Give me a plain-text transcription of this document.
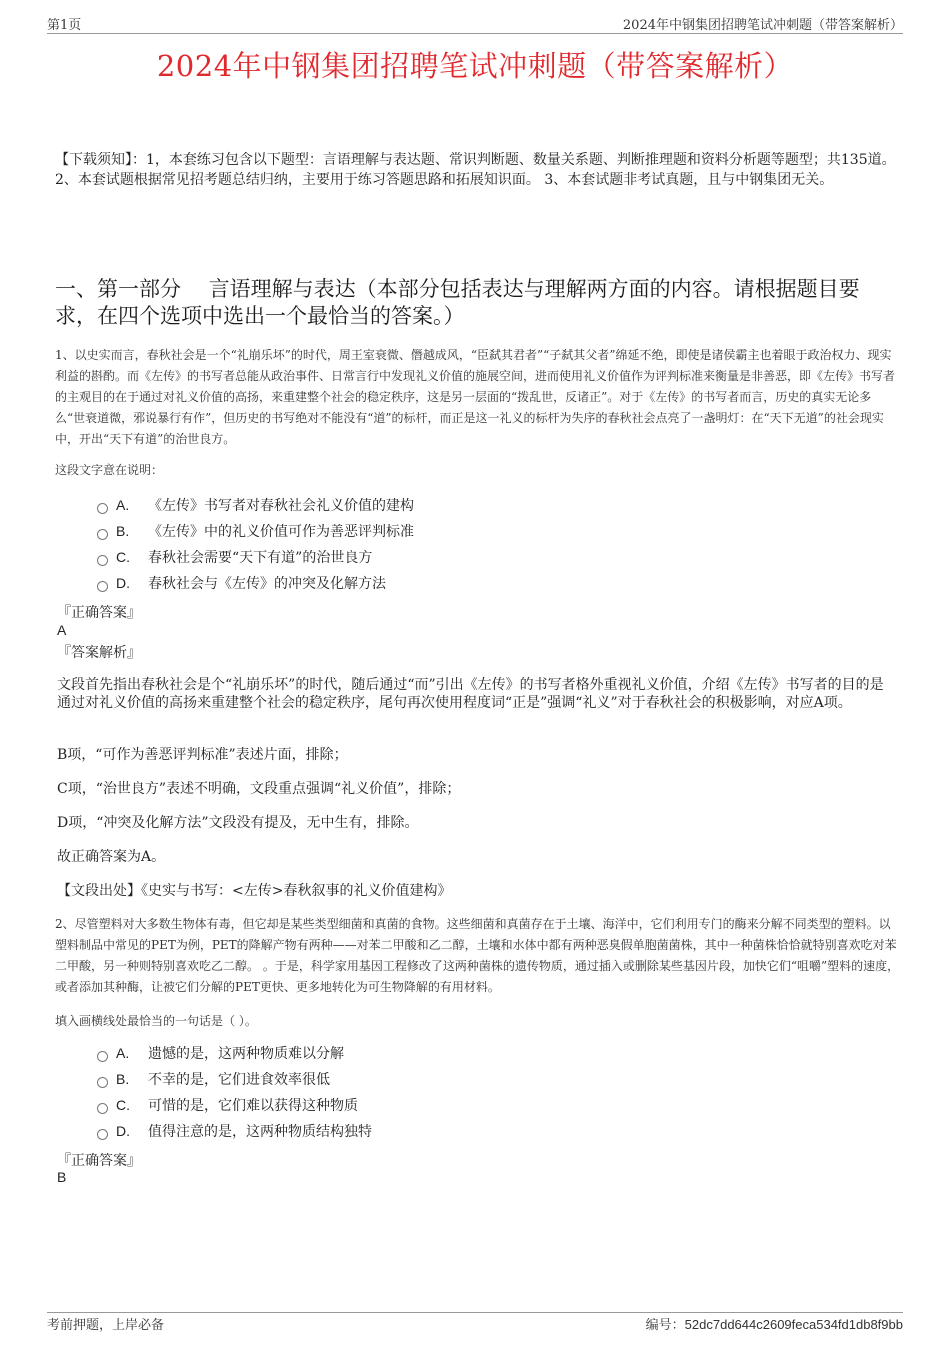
第1页	2024年中钢集团招聘笔试冲刺题（带答案解析）
2024年中钢集团招聘笔试冲刺题（带答案解析）
【下载须知】：1，本套练习包含以下题型：言语理解与表达题、常识判断题、数量关系题、判断推理题和资料分析题等题型；共135道。 2、本套试题根据常见招考题总结归纳，主要用于练习答题思路和拓展知识面。 3、本套试题非考试真题，且与中钢集团无关。
一、第一部分　 言语理解与表达（本部分包括表达与理解两方面的内容。请根据题目要求，在四个选项中选出一个最恰当的答案。）
1、以史实而言，春秋社会是一个“礼崩乐坏”的时代，周王室衰微、僭越成风，“臣弑其君者”“子弑其父者”绵延不绝，即使是诸侯霸主也着眼于政治权力、现实利益的斟酌。而《左传》的书写者总能从政治事件、日常言行中发现礼义价值的施展空间，进而使用礼义价值作为评判标准来衡量是非善恶，即《左传》书写者的主观目的在于通过对礼义价值的高扬，来重建整个社会的稳定秩序，这是另一层面的“拨乱世，反诸正”。对于《左传》的书写者而言，历史的真实无论多么“世衰道微，邪说暴行有作”，但历史的书写绝对不能没有“道”的标杆，而正是这一礼义的标杆为失序的春秋社会点亮了一盏明灯：在“天下无道”的社会现实中，开出“天下有道”的治世良方。
这段文字意在说明：
A. 《左传》书写者对春秋社会礼义价值的建构
B. 《左传》中的礼义价值可作为善恶评判标准
C. 春秋社会需要“天下有道”的治世良方
D. 春秋社会与《左传》的冲突及化解方法
『正确答案』
A
『答案解析』
文段首先指出春秋社会是个“礼崩乐坏”的时代，随后通过“而”引出《左传》的书写者格外重视礼义价值，介绍《左传》书写者的目的是通过对礼义价值的高扬来重建整个社会的稳定秩序，尾句再次使用程度词“正是”强调“礼义”对于春秋社会的积极影响，对应A项。
B项，“可作为善恶评判标准”表述片面，排除；
C项，“治世良方”表述不明确，文段重点强调“礼义价值”，排除；
D项，“冲突及化解方法”文段没有提及，无中生有，排除。
故正确答案为A。
【文段出处】《史实与书写：<左传>春秋叙事的礼义价值建构》
2、尽管塑料对大多数生物体有毒，但它却是某些类型细菌和真菌的食物。这些细菌和真菌存在于土壤、海洋中，它们利用专门的酶来分解不同类型的塑料。以塑料制品中常见的PET为例，PET的降解产物有两种——对苯二甲酸和乙二醇，土壤和水体中都有两种恶臭假单胞菌菌株，其中一种菌株恰恰就特别喜欢吃对苯二甲酸，另一种则特别喜欢吃乙二醇。 。于是，科学家用基因工程修改了这两种菌株的遗传物质，通过插入或删除某些基因片段，加快它们“咀嚼”塑料的速度，或者添加其种酶，让被它们分解的PET更快、更多地转化为可生物降解的有用材料。
填入画横线处最恰当的一句话是（ ）。
A. 遗憾的是，这两种物质难以分解
B. 不幸的是，它们进食效率很低
C. 可惜的是，它们难以获得这种物质
D. 值得注意的是，这两种物质结构独特
『正确答案』
B
考前押题，上岸必备	编号：52dc7dd644c2609feca534fd1db8f9bb
